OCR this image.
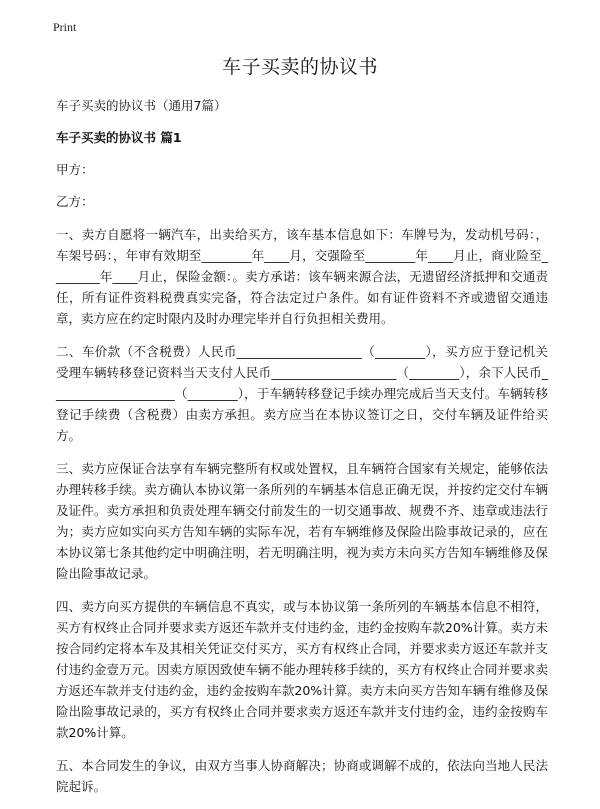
Print
车子买卖的协议书

车子买卖的协议书（通用7篇）

车子买卖的协议书 篇1

甲方：

乙方：

一、卖方自愿将一辆汽车，出卖给买方，该车基本信息如下：车牌号为，发动机号码：，车架号码：，年审有效期至________年____月，交强险至________年____月止，商业险至________年____月止，保险金额：。卖方承诺：该车辆来源合法，无遗留经济抵押和交通责任，所有证件资料税费真实完备，符合法定过户条件。如有证件资料不齐或遗留交通违章，卖方应在约定时限内及时办理完毕并自行负担相关费用。

二、车价款（不含税费）人民币____________________（________），买方应于登记机关受理车辆转移登记资料当天支付人民币____________________（________），余下人民币____________________（________），于车辆转移登记手续办理完成后当天支付。车辆转移登记手续费（含税费）由卖方承担。卖方应当在本协议签订之日，交付车辆及证件给买方。

三、卖方应保证合法享有车辆完整所有权或处置权，且车辆符合国家有关规定，能够依法办理转移手续。卖方确认本协议第一条所列的车辆基本信息正确无误，并按约定交付车辆及证件。卖方承担和负责处理车辆交付前发生的一切交通事故、规费不齐、违章或违法行为；卖方应如实向买方告知车辆的实际车况，若有车辆维修及保险出险事故记录的，应在本协议第七条其他约定中明确注明，若无明确注明，视为卖方未向买方告知车辆维修及保险出险事故记录。

四、卖方向买方提供的车辆信息不真实，或与本协议第一条所列的车辆基本信息不相符，买方有权终止合同并要求卖方返还车款并支付违约金，违约金按购车款20%计算。卖方未按合同约定将本车及其相关凭证交付买方，买方有权终止合同，并要求卖方返还车款并支付违约金壹万元。因卖方原因致使车辆不能办理转移手续的，买方有权终止合同并要求卖方返还车款并支付违约金，违约金按购车款20%计算。卖方未向买方告知车辆有维修及保险出险事故记录的，买方有权终止合同并要求卖方返还车款并支付违约金，违约金按购车款20%计算。

五、本合同发生的争议，由双方当事人协商解决；协商或调解不成的，依法向当地人民法院起诉。
